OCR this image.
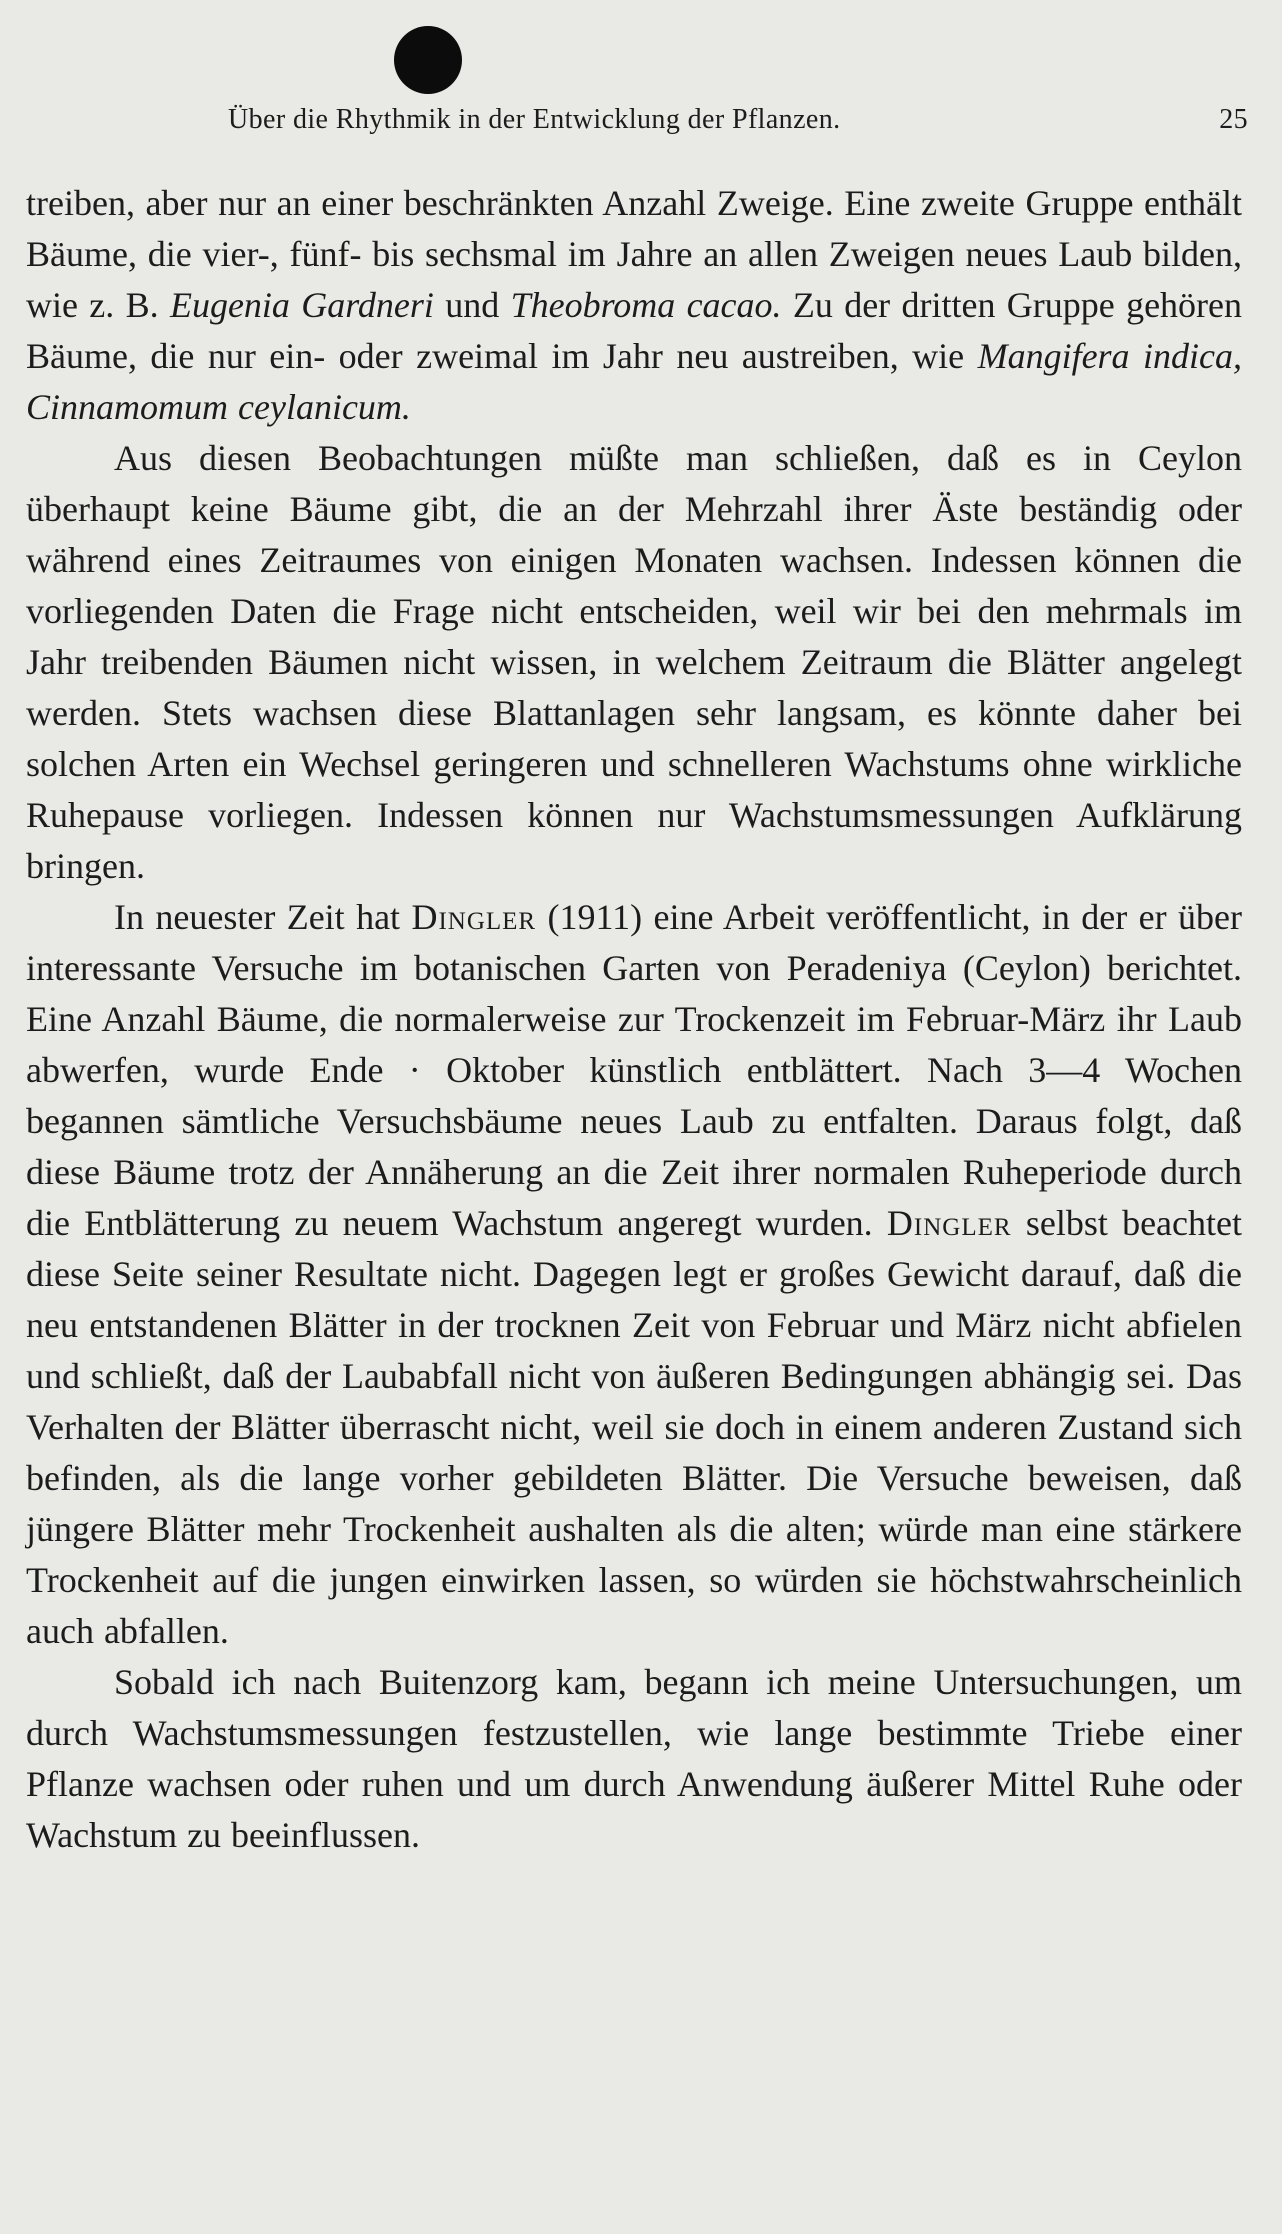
Über die Rhythmik in der Entwicklung der Pflanzen.	25

treiben, aber nur an einer beschränkten Anzahl Zweige. Eine zweite Gruppe enthält Bäume, die vier-, fünf- bis sechsmal im Jahre an allen Zweigen neues Laub bilden, wie z. B. Eugenia Gardneri und Theobroma cacao. Zu der dritten Gruppe gehören Bäume, die nur ein- oder zweimal im Jahr neu austreiben, wie Mangifera indica, Cinnamomum ceylanicum.

Aus diesen Beobachtungen müßte man schließen, daß es in Ceylon überhaupt keine Bäume gibt, die an der Mehrzahl ihrer Äste beständig oder während eines Zeitraumes von einigen Monaten wachsen. Indessen können die vorliegenden Daten die Frage nicht entscheiden, weil wir bei den mehrmals im Jahr treibenden Bäumen nicht wissen, in welchem Zeitraum die Blätter angelegt werden. Stets wachsen diese Blattanlagen sehr langsam, es könnte daher bei solchen Arten ein Wechsel geringeren und schnelleren Wachstums ohne wirkliche Ruhepause vorliegen. Indessen können nur Wachstumsmessungen Aufklärung bringen.

In neuester Zeit hat Dingler (1911) eine Arbeit veröffentlicht, in der er über interessante Versuche im botanischen Garten von Peradeniya (Ceylon) berichtet. Eine Anzahl Bäume, die normalerweise zur Trockenzeit im Februar-März ihr Laub abwerfen, wurde Ende · Oktober künstlich entblättert. Nach 3—4 Wochen begannen sämtliche Versuchsbäume neues Laub zu entfalten. Daraus folgt, daß diese Bäume trotz der Annäherung an die Zeit ihrer normalen Ruheperiode durch die Entblätterung zu neuem Wachstum angeregt wurden. Dingler selbst beachtet diese Seite seiner Resultate nicht. Dagegen legt er großes Gewicht darauf, daß die neu entstandenen Blätter in der trocknen Zeit von Februar und März nicht abfielen und schließt, daß der Laubabfall nicht von äußeren Bedingungen abhängig sei. Das Verhalten der Blätter überrascht nicht, weil sie doch in einem anderen Zustand sich befinden, als die lange vorher gebildeten Blätter. Die Versuche beweisen, daß jüngere Blätter mehr Trockenheit aushalten als die alten; würde man eine stärkere Trockenheit auf die jungen einwirken lassen, so würden sie höchstwahrscheinlich auch abfallen.

Sobald ich nach Buitenzorg kam, begann ich meine Untersuchungen, um durch Wachstumsmessungen festzustellen, wie lange bestimmte Triebe einer Pflanze wachsen oder ruhen und um durch Anwendung äußerer Mittel Ruhe oder Wachstum zu beeinflussen.
